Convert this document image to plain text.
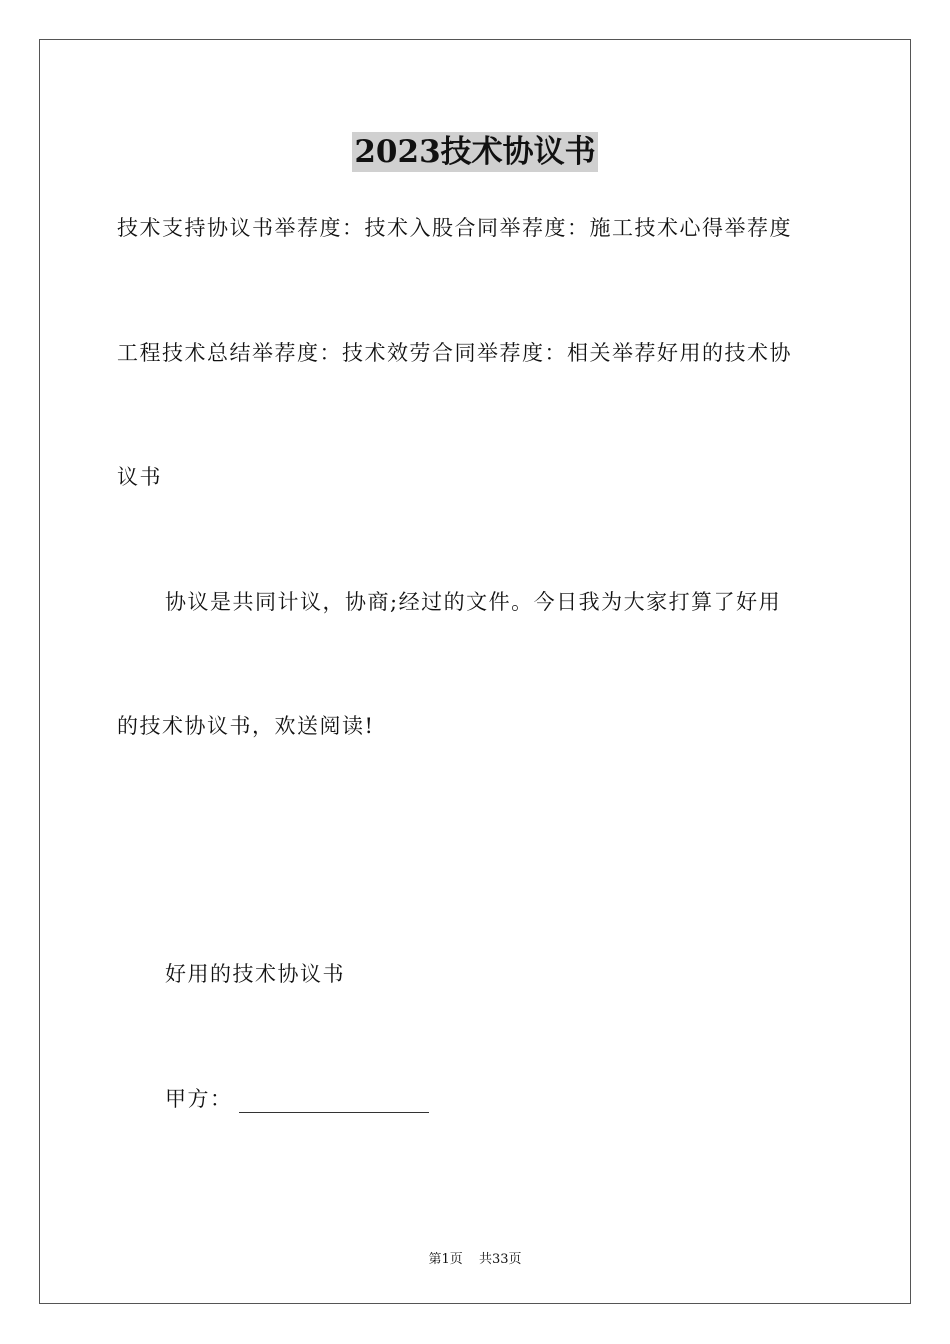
2023技术协议书
技术支持协议书举荐度：技术入股合同举荐度：施工技术心得举荐度
工程技术总结举荐度：技术效劳合同举荐度：相关举荐好用的技术协
议书
协议是共同计议，协商;经过的文件。今日我为大家打算了好用
的技术协议书，欢送阅读!
好用的技术协议书
甲方：
第1页 共33页
